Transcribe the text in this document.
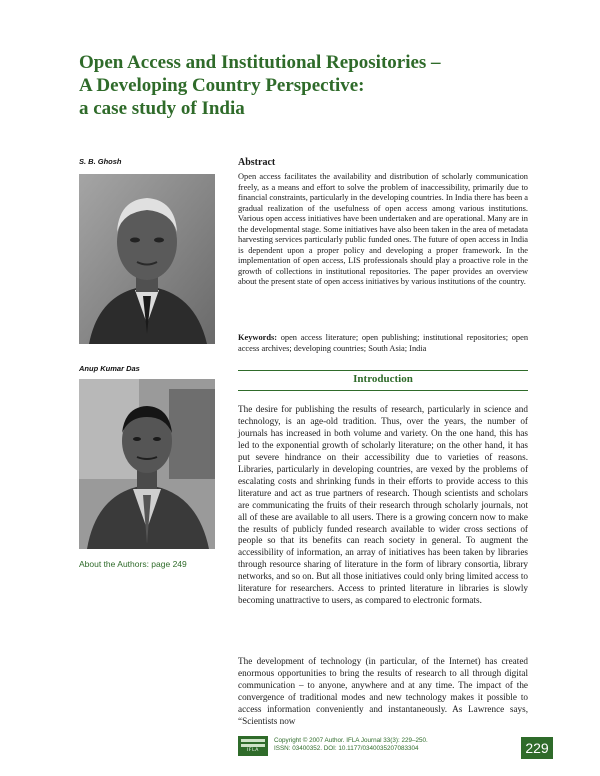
Open Access and Institutional Repositories –
A Developing Country Perspective:
a case study of India
S. B. Ghosh
Anup Kumar Das
About the Authors: page 249
Abstract

Open access facilitates the availability and distribution of scholarly communication freely, as a means and effort to solve the problem of inaccessibility, primarily due to financial constraints, particularly in the developing countries. In India there has been a gradual realization of the usefulness of open access among various institutions. Various open access initiatives have been undertaken and are operational. Many are in the developmental stage. Some initiatives have also been taken in the area of metadata harvesting services particularly public funded ones. The future of open access in India is dependent upon a proper policy and developing a proper framework. In the implementation of open access, LIS professionals should play a proactive role in the growth of collections in institutional repositories. The paper provides an overview about the present state of open access initiatives by various institutions of the country.

Keywords: open access literature; open publishing; institutional repositories; open access archives; developing countries; South Asia; India

Introduction

The desire for publishing the results of research, particularly in science and technology, is an age-old tradition. Thus, over the years, the number of journals has increased in both volume and variety. On the one hand, this has led to the exponential growth of scholarly literature; on the other hand, it has put severe hindrance on their accessibility due to varieties of reasons. Libraries, particularly in developing countries, are vexed by the problems of escalating costs and shrinking funds in their efforts to provide access to this literature and act as true partners of research. Though scientists and scholars are communicating the fruits of their research through scholarly journals, not all of these are available to all users. There is a growing concern now to make the results of publicly funded research available to wider cross sections of people so that its benefits can reach society in general. To augment the accessibility of information, an array of initiatives has been taken by libraries through resource sharing of literature in the form of library consortia, library networks, and so on. But all those initiatives could only bring limited access to literature for researchers. Access to printed literature in libraries is slowly becoming unattractive to users, as compared to electronic formats.

The development of technology (in particular, of the Internet) has created enormous opportunities to bring the results of research to all through digital communication – to anyone, anywhere and at any time. The impact of the convergence of traditional modes and new technology makes it possible to access information conveniently and instantaneously. As Lawrence says, “Scientists now

IFLA
Copyright © 2007 Author. IFLA Journal 33(3): 229–250.
ISSN: 03400352. DOI: 10.1177/0340035207083304	229
